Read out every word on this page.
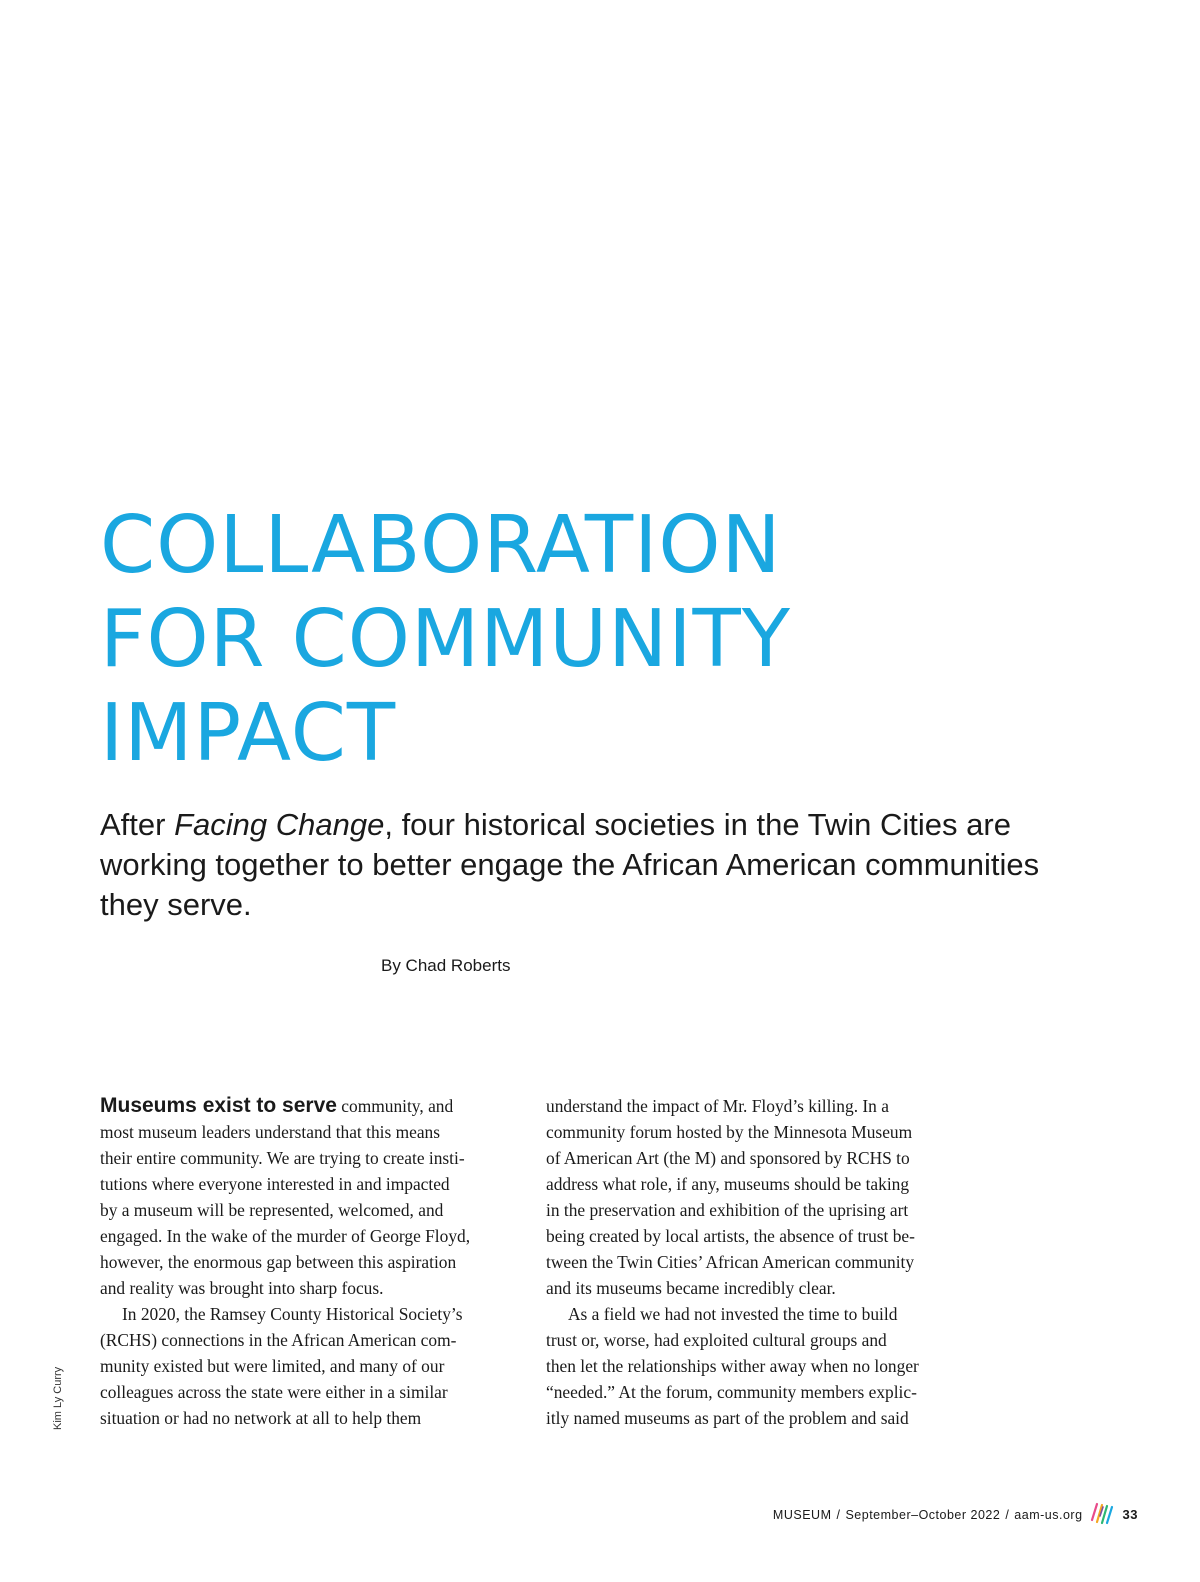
COLLABORATION
FOR COMMUNITY
IMPACT

After Facing Change, four historical societies in the Twin Cities are working together to better engage the African American communities they serve.

By Chad Roberts
Kim Ly Curry
Museums exist to serve community, and
most museum leaders understand that this means
their entire community. We are trying to create insti-
tutions where everyone interested in and impacted
by a museum will be represented, welcomed, and
engaged. In the wake of the murder of George Floyd,
however, the enormous gap between this aspiration
and reality was brought into sharp focus.
In 2020, the Ramsey County Historical Society’s
(RCHS) connections in the African American com-
munity existed but were limited, and many of our
colleagues across the state were either in a similar
situation or had no network at all to help them
understand the impact of Mr. Floyd’s killing. In a
community forum hosted by the Minnesota Museum
of American Art (the M) and sponsored by RCHS to
address what role, if any, museums should be taking
in the preservation and exhibition of the uprising art
being created by local artists, the absence of trust be-
tween the Twin Cities’ African American community
and its museums became incredibly clear.
As a field we had not invested the time to build
trust or, worse, had exploited cultural groups and
then let the relationships wither away when no longer
“needed.” At the forum, community members explic-
itly named museums as part of the problem and said
MUSEUM / September–October 2022 / aam-us.org	33
